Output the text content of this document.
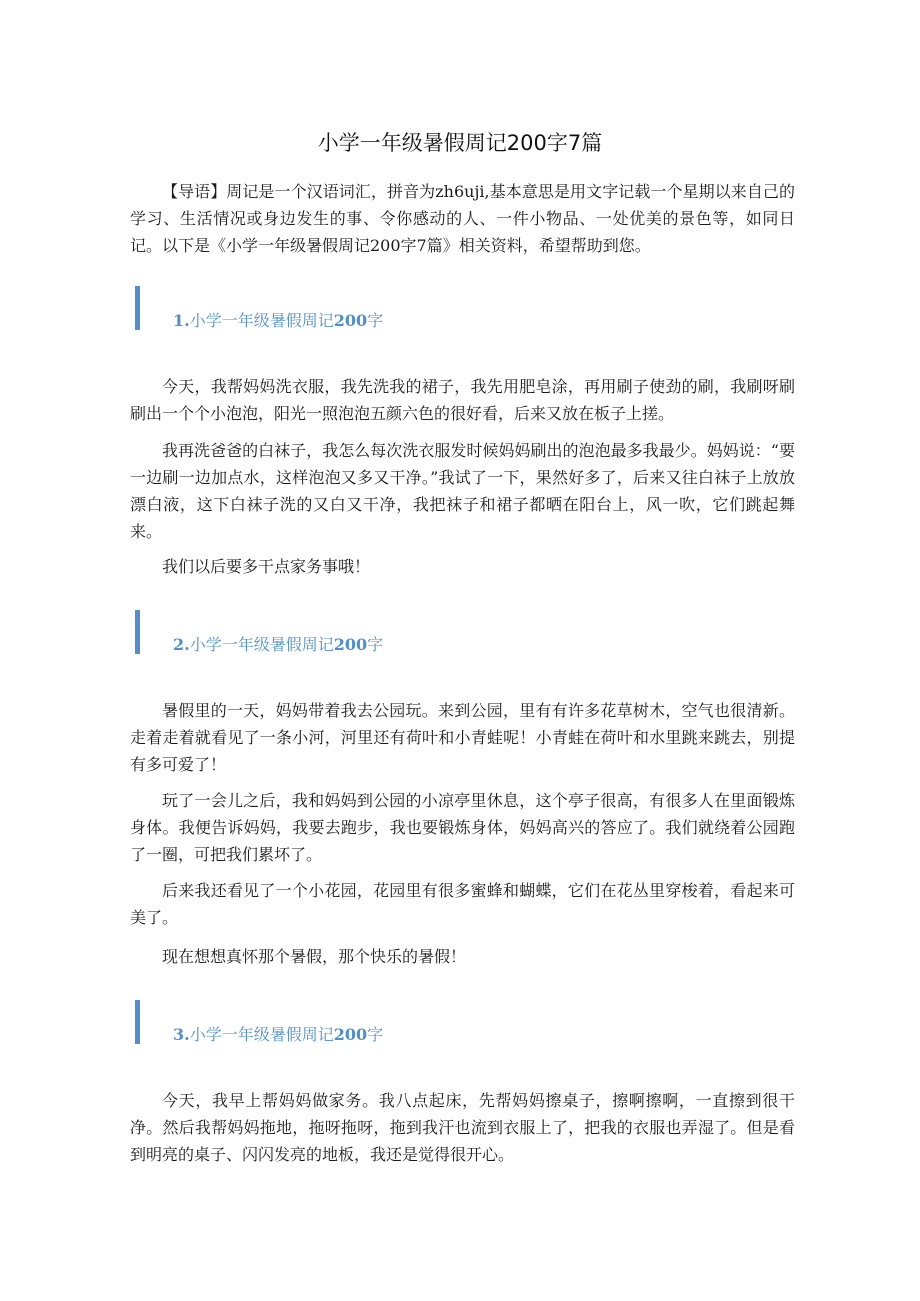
小学一年级暑假周记200字7篇

【导语】周记是一个汉语词汇，拼音为zh6uji,基本意思是用文字记载一个星期以来自己的学习、生活情况或身边发生的事、令你感动的人、一件小物品、一处优美的景色等，如同日记。以下是《小学一年级暑假周记200字7篇》相关资料，希望帮助到您。

1.小学一年级暑假周记200字

今天，我帮妈妈洗衣服，我先洗我的裙子，我先用肥皂涂，再用刷子使劲的刷，我刷呀刷刷出一个个小泡泡，阳光一照泡泡五颜六色的很好看，后来又放在板子上搓。

我再洗爸爸的白袜子，我怎么每次洗衣服发时候妈妈刷出的泡泡最多我最少。妈妈说：“要一边刷一边加点水，这样泡泡又多又干净。”我试了一下，果然好多了，后来又往白袜子上放放漂白液，这下白袜子洗的又白又干净，我把袜子和裙子都晒在阳台上，风一吹，它们跳起舞来。

我们以后要多干点家务事哦！

2.小学一年级暑假周记200字

暑假里的一天，妈妈带着我去公园玩。来到公园，里有有许多花草树木，空气也很清新。走着走着就看见了一条小河，河里还有荷叶和小青蛙呢！小青蛙在荷叶和水里跳来跳去，别提有多可爱了！

玩了一会儿之后，我和妈妈到公园的小凉亭里休息，这个亭子很高，有很多人在里面锻炼身体。我便告诉妈妈，我要去跑步，我也要锻炼身体，妈妈高兴的答应了。我们就绕着公园跑了一圈，可把我们累坏了。

后来我还看见了一个小花园，花园里有很多蜜蜂和蝴蝶，它们在花丛里穿梭着，看起来可美了。

现在想想真怀那个暑假，那个快乐的暑假！

3.小学一年级暑假周记200字

今天，我早上帮妈妈做家务。我八点起床，先帮妈妈擦桌子，擦啊擦啊，一直擦到很干净。然后我帮妈妈拖地，拖呀拖呀，拖到我汗也流到衣服上了，把我的衣服也弄湿了。但是看到明亮的桌子、闪闪发亮的地板，我还是觉得很开心。
